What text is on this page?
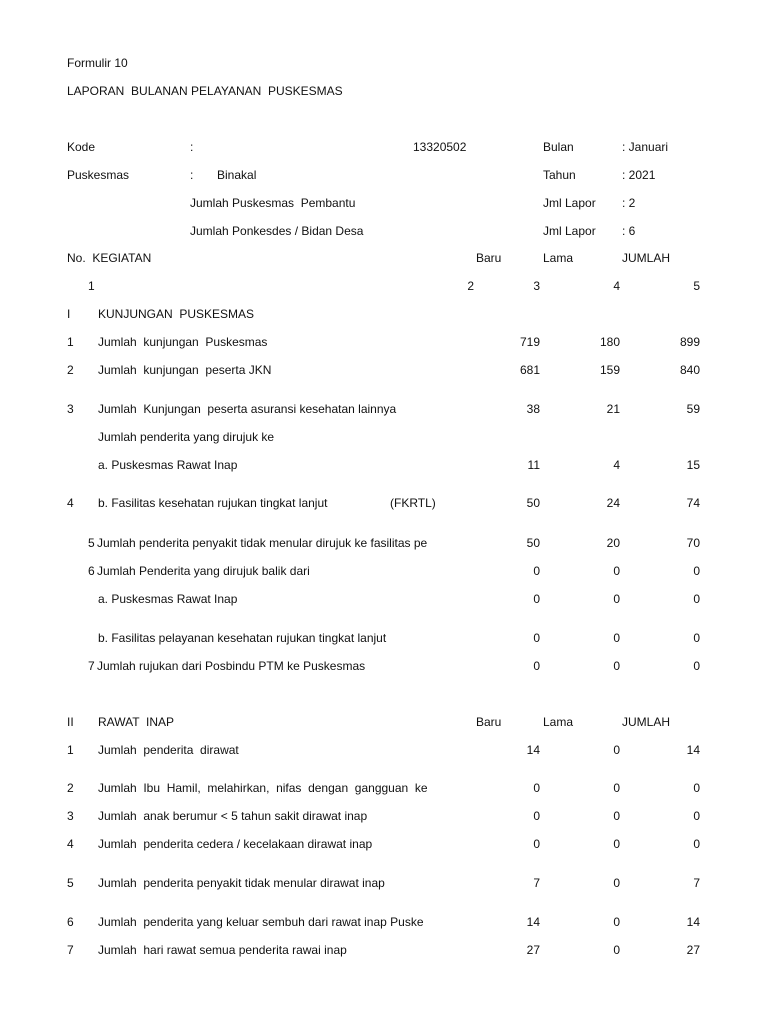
Formulir 10
LAPORAN  BULANAN PELAYANAN  PUSKESMAS
Kode	:	13320502	Bulan	: Januari
Puskesmas	: Binakal	Tahun	: 2021
Jumlah Puskesmas  Pembantu	Jml Lapor : 2
Jumlah Ponkesdes / Bidan Desa	Jml Lapor : 6
No.  KEGIATAN	Baru	Lama	JUMLAH
1	2	3	4	5
I KUNJUNGAN  PUSKESMAS
1 Jumlah  kunjungan  Puskesmas	719	180	899
2 Jumlah  kunjungan  peserta JKN	681	159	840
3 Jumlah  Kunjungan  peserta asuransi kesehatan lainnya	38	21	59
Jumlah penderita yang dirujuk ke
a. Puskesmas Rawat Inap	11	4	15
4 b. Fasilitas kesehatan rujukan tingkat lanjut	(FKRTL)	50	24	74
5 Jumlah penderita penyakit tidak menular dirujuk ke fasilitas pe	50	20	70
6 Jumlah Penderita yang dirujuk balik dari	0	0	0
a. Puskesmas Rawat Inap	0	0	0
b. Fasilitas pelayanan kesehatan rujukan tingkat lanjut	0	0	0
7 Jumlah rujukan dari Posbindu PTM ke Puskesmas	0	0	0
II RAWAT  INAP	Baru	Lama	JUMLAH
1 Jumlah  penderita  dirawat	14	0	14
2 Jumlah  Ibu  Hamil,  melahirkan,  nifas  dengan  gangguan  ke	0	0	0
3 Jumlah  anak berumur < 5 tahun sakit dirawat inap	0	0	0
4 Jumlah  penderita cedera / kecelakaan dirawat inap	0	0	0
5 Jumlah  penderita penyakit tidak menular dirawat inap	7	0	7
6 Jumlah  penderita yang keluar sembuh dari rawat inap Puske	14	0	14
7 Jumlah  hari rawat semua penderita rawai inap	27	0	27
